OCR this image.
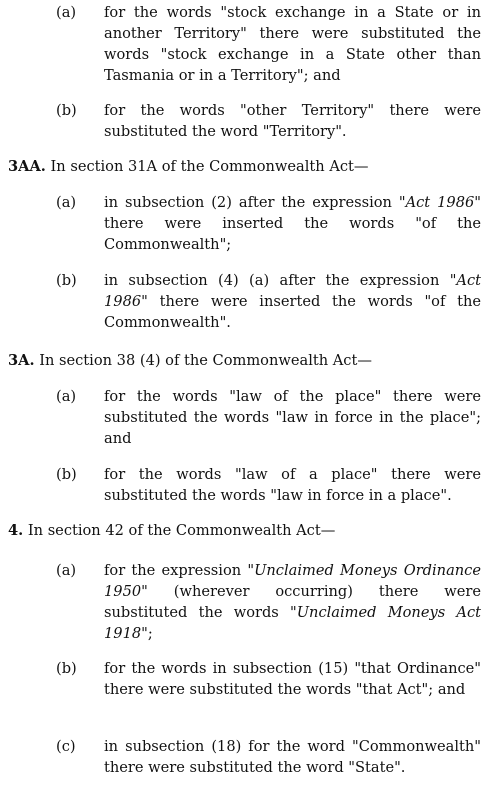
(a) for the words "stock exchange in a State or in another Territory" there were substituted the words "stock exchange in a State other than Tasmania or in a Territory"; and
(b) for the words "other Territory" there were substituted the word "Territory".
3AA. In section 31A of the Commonwealth Act—
(a) in subsection (2) after the expression "Act 1986" there were inserted the words "of the Commonwealth";
(b) in subsection (4) (a) after the expression "Act 1986" there were inserted the words "of the Commonwealth".
3A. In section 38 (4) of the Commonwealth Act—
(a) for the words "law of the place" there were substituted the words "law in force in the place"; and
(b) for the words "law of a place" there were substituted the words "law in force in a place".
4. In section 42 of the Commonwealth Act—
(a) for the expression "Unclaimed Moneys Ordinance 1950" (wherever occurring) there were substituted the words "Unclaimed Moneys Act 1918";
(b) for the words in subsection (15) "that Ordinance" there were substituted the words "that Act"; and
(c) in subsection (18) for the word "Commonwealth" there were substituted the word "State".
